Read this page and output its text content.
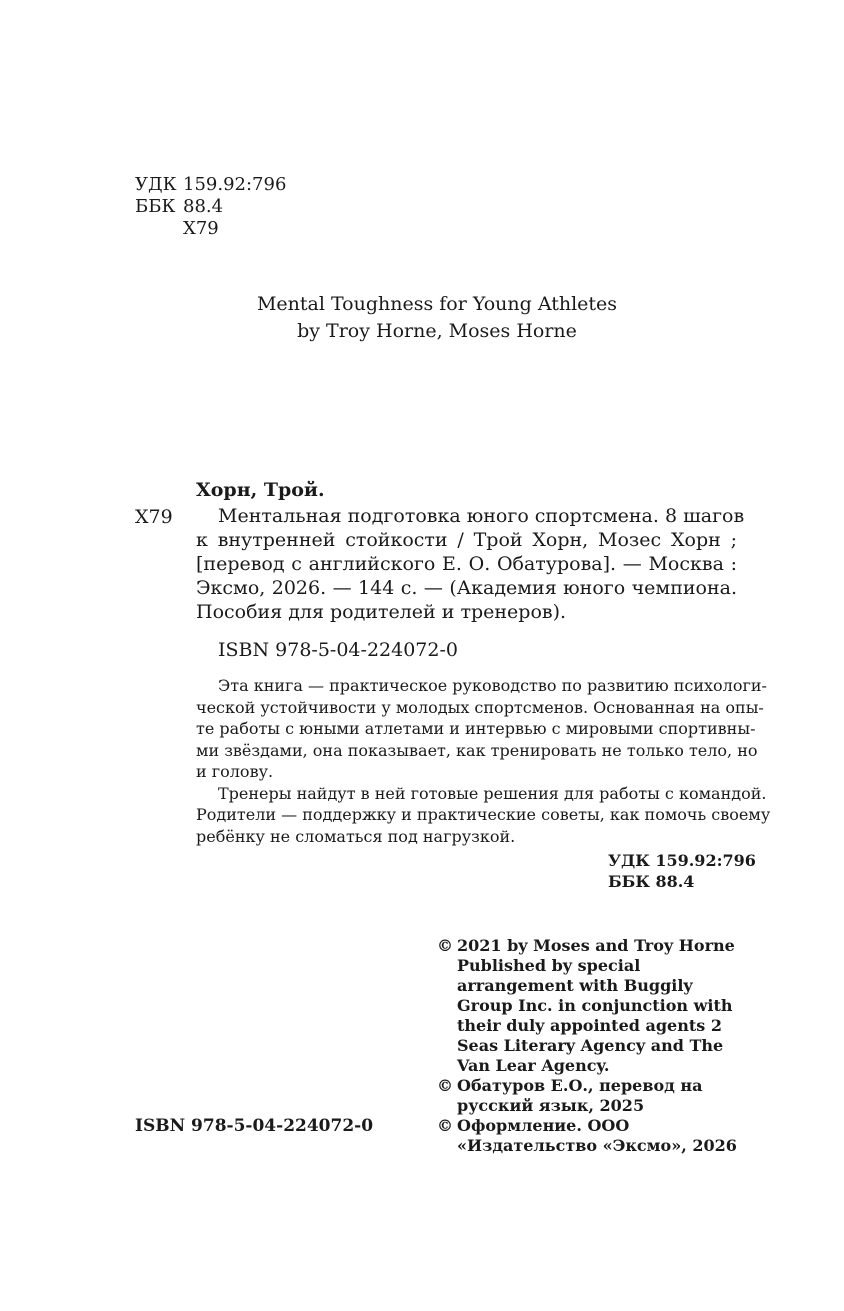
УДК 159.92:796
ББК 88.4
Х79
Mental Toughness for Young Athletes
by Troy Horne, Moses Horne
Хорн, Трой.
Х79	Ментальная подготовка юного спортсмена. 8 шагов
к внутренней стойкости / Трой Хорн, Мозес Хорн ;
[перевод с английского Е. О. Обатурова]. — Москва :
Эксмо, 2026. — 144 с. — (Академия юного чемпиона.
Пособия для родителей и тренеров).
ISBN 978-5-04-224072-0
Эта книга — практическое руководство по развитию психологи-
ческой устойчивости у молодых спортсменов. Основанная на опы-
те работы с юными атлетами и интервью с мировыми спортивны-
ми звёздами, она показывает, как тренировать не только тело, но
и голову.
Тренеры найдут в ней готовые решения для работы с командой.
Родители — поддержку и практические советы, как помочь своему
ребёнку не сломаться под нагрузкой.
УДК 159.92:796
ББК 88.4
© 2021 by Moses and Troy Horne Published by special arrangement with Buggily Group Inc. in conjunction with their duly appointed agents 2 Seas Literary Agency and The Van Lear Agency.
© Обатуров Е.О., перевод на русский язык, 2025
© Оформление. ООО «Издательство «Эксмо», 2026
ISBN 978-5-04-224072-0
